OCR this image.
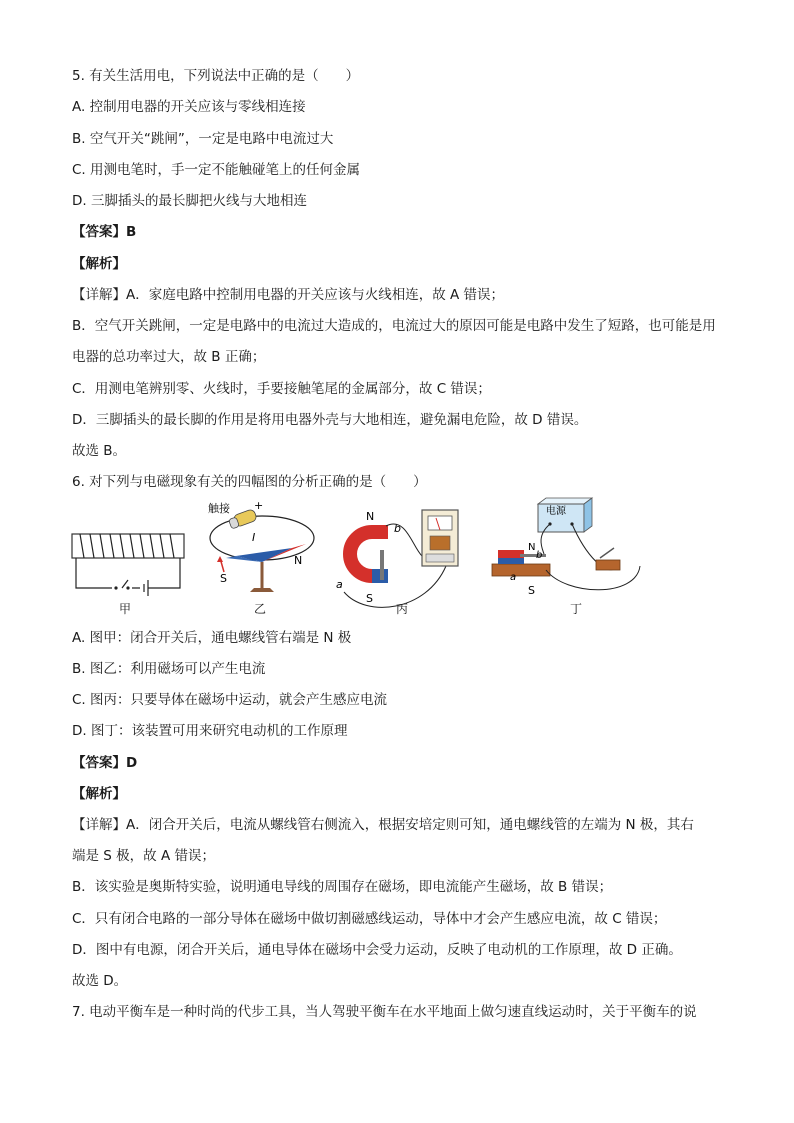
5. 有关生活用电，下列说法中正确的是（　　）
A. 控制用电器的开关应该与零线相连接
B. 空气开关“跳闸”，一定是电路中电流过大
C. 用测电笔时，手一定不能触碰笔上的任何金属
D. 三脚插头的最长脚把火线与大地相连
【答案】B
【解析】
【详解】A．家庭电路中控制用电器的开关应该与火线相连，故 A 错误；
B．空气开关跳闸，一定是电路中的电流过大造成的，电流过大的原因可能是电路中发生了短路，也可能是用
电器的总功率过大，故 B 正确；
C．用测电笔辨别零、火线时，手要接触笔尾的金属部分，故 C 错误；
D．三脚插头的最长脚的作用是将用电器外壳与大地相连，避免漏电危险，故 D 错误。
故选 B。
6. 对下列与电磁现象有关的四幅图的分析正确的是（　　）
触接 +
I
S
N
N
S
a
b
电源
N
S
a
b
甲	乙	丙	丁
A. 图甲：闭合开关后，通电螺线管右端是 N 极
B. 图乙：利用磁场可以产生电流
C. 图丙：只要导体在磁场中运动，就会产生感应电流
D. 图丁：该装置可用来研究电动机的工作原理
【答案】D
【解析】
【详解】A．闭合开关后，电流从螺线管右侧流入，根据安培定则可知，通电螺线管的左端为 N 极，其右
端是 S 极，故 A 错误；
B．该实验是奥斯特实验，说明通电导线的周围存在磁场，即电流能产生磁场，故 B 错误；
C．只有闭合电路的一部分导体在磁场中做切割磁感线运动，导体中才会产生感应电流，故 C 错误；
D．图中有电源，闭合开关后，通电导体在磁场中会受力运动，反映了电动机的工作原理，故 D 正确。
故选 D。
7. 电动平衡车是一种时尚的代步工具，当人驾驶平衡车在水平地面上做匀速直线运动时，关于平衡车的说
